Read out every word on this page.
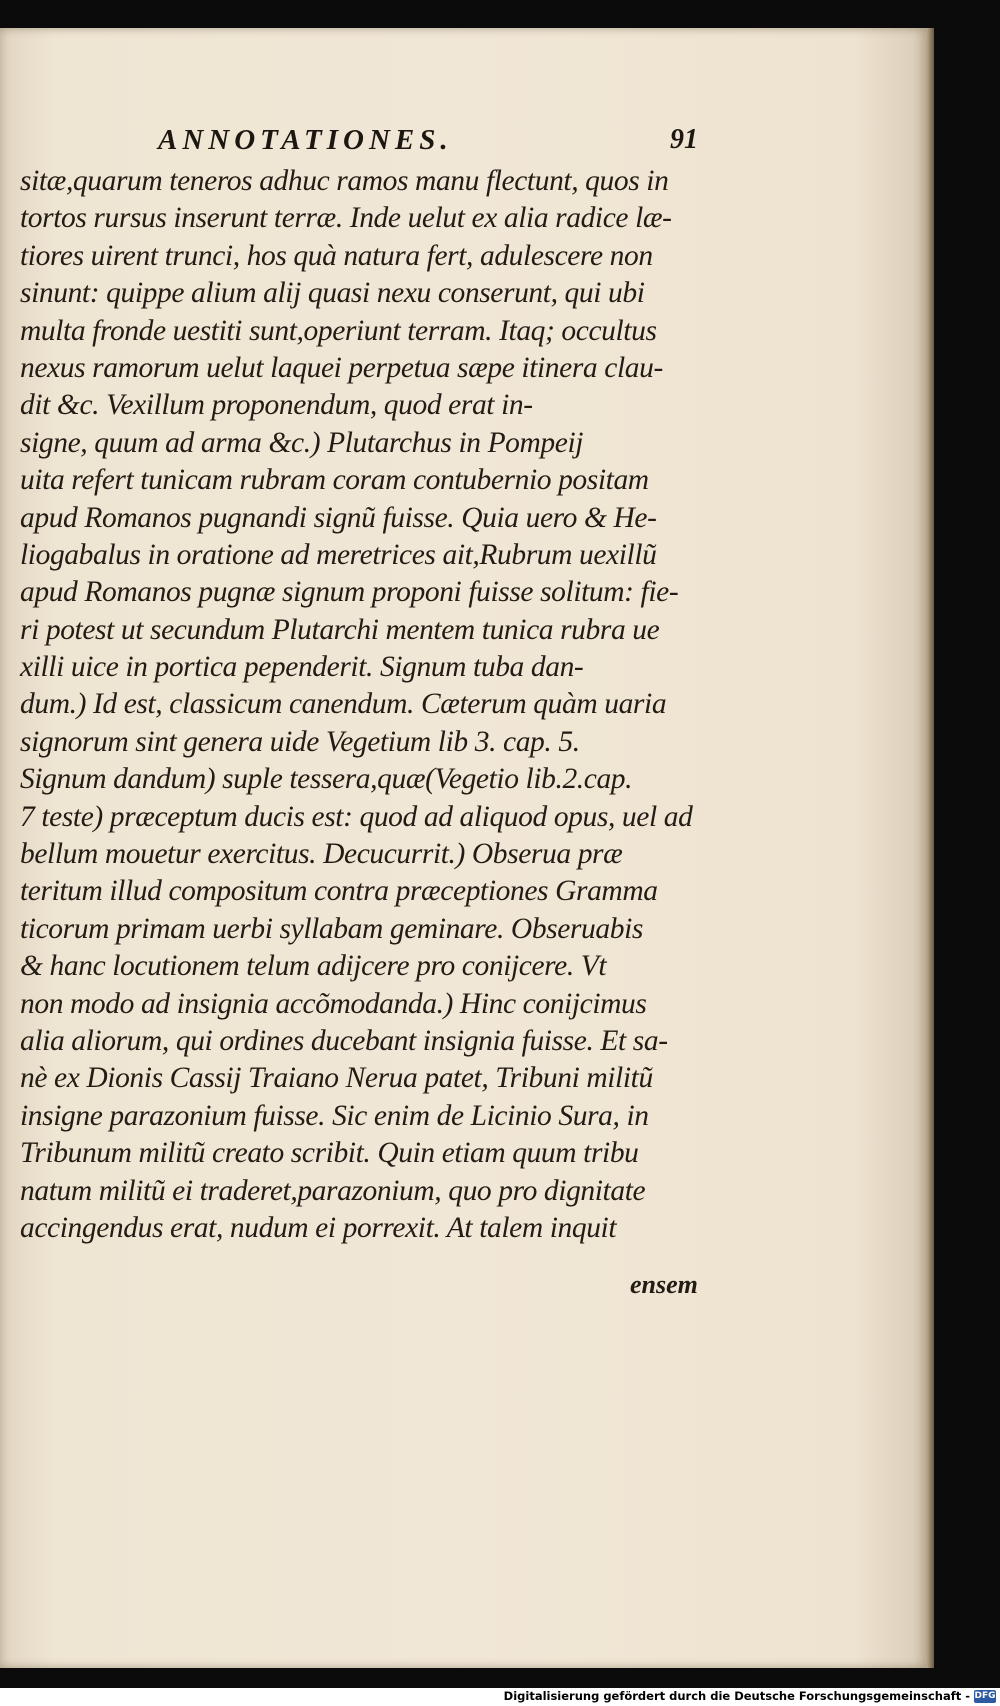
ANNOTATIONES.	91
sitæ,quarum teneros adhuc ramos manu flectunt, quos in
tortos rursus inserunt terræ. Inde uelut ex alia radice læ-
tiores uirent trunci, hos quà natura fert, adulescere non
sinunt: quippe alium alij quasi nexu conserunt, qui ubi
multa fronde uestiti sunt,operiunt terram. Itaq; occultus
nexus ramorum uelut laquei perpetua sæpe itinera clau-
dit &c. Vexillum proponendum, quod erat in-
signe, quum ad arma &c.) Plutarchus in Pompeij
uita refert tunicam rubram coram contubernio positam
apud Romanos pugnandi signũ fuisse. Quia uero & He-
liogabalus in oratione ad meretrices ait,Rubrum uexillũ
apud Romanos pugnæ signum proponi fuisse solitum: fie-
ri potest ut secundum Plutarchi mentem tunica rubra ue
xilli uice in portica pependerit. Signum tuba dan-
dum.) Id est, classicum canendum. Cæterum quàm uaria
signorum sint genera uide Vegetium lib 3. cap. 5.
Signum dandum) suple tessera,quæ(Vegetio lib.2.cap.
7 teste) præceptum ducis est: quod ad aliquod opus, uel ad
bellum mouetur exercitus. Decucurrit.) Obserua præ
teritum illud compositum contra præceptiones Gramma
ticorum primam uerbi syllabam geminare. Obseruabis
& hanc locutionem telum adijcere pro conijcere. Vt
non modo ad insignia accõmodanda.) Hinc conijcimus
alia aliorum, qui ordines ducebant insignia fuisse. Et sa-
nè ex Dionis Cassij Traiano Nerua patet, Tribuni militũ
insigne parazonium fuisse. Sic enim de Licinio Sura, in
Tribunum militũ creato scribit. Quin etiam quum tribu
natum militũ ei traderet,parazonium, quo pro dignitate
accingendus erat, nudum ei porrexit. At talem inquit
ensem
Digitalisierung gefördert durch die Deutsche Forschungsgemeinschaft - DFG
